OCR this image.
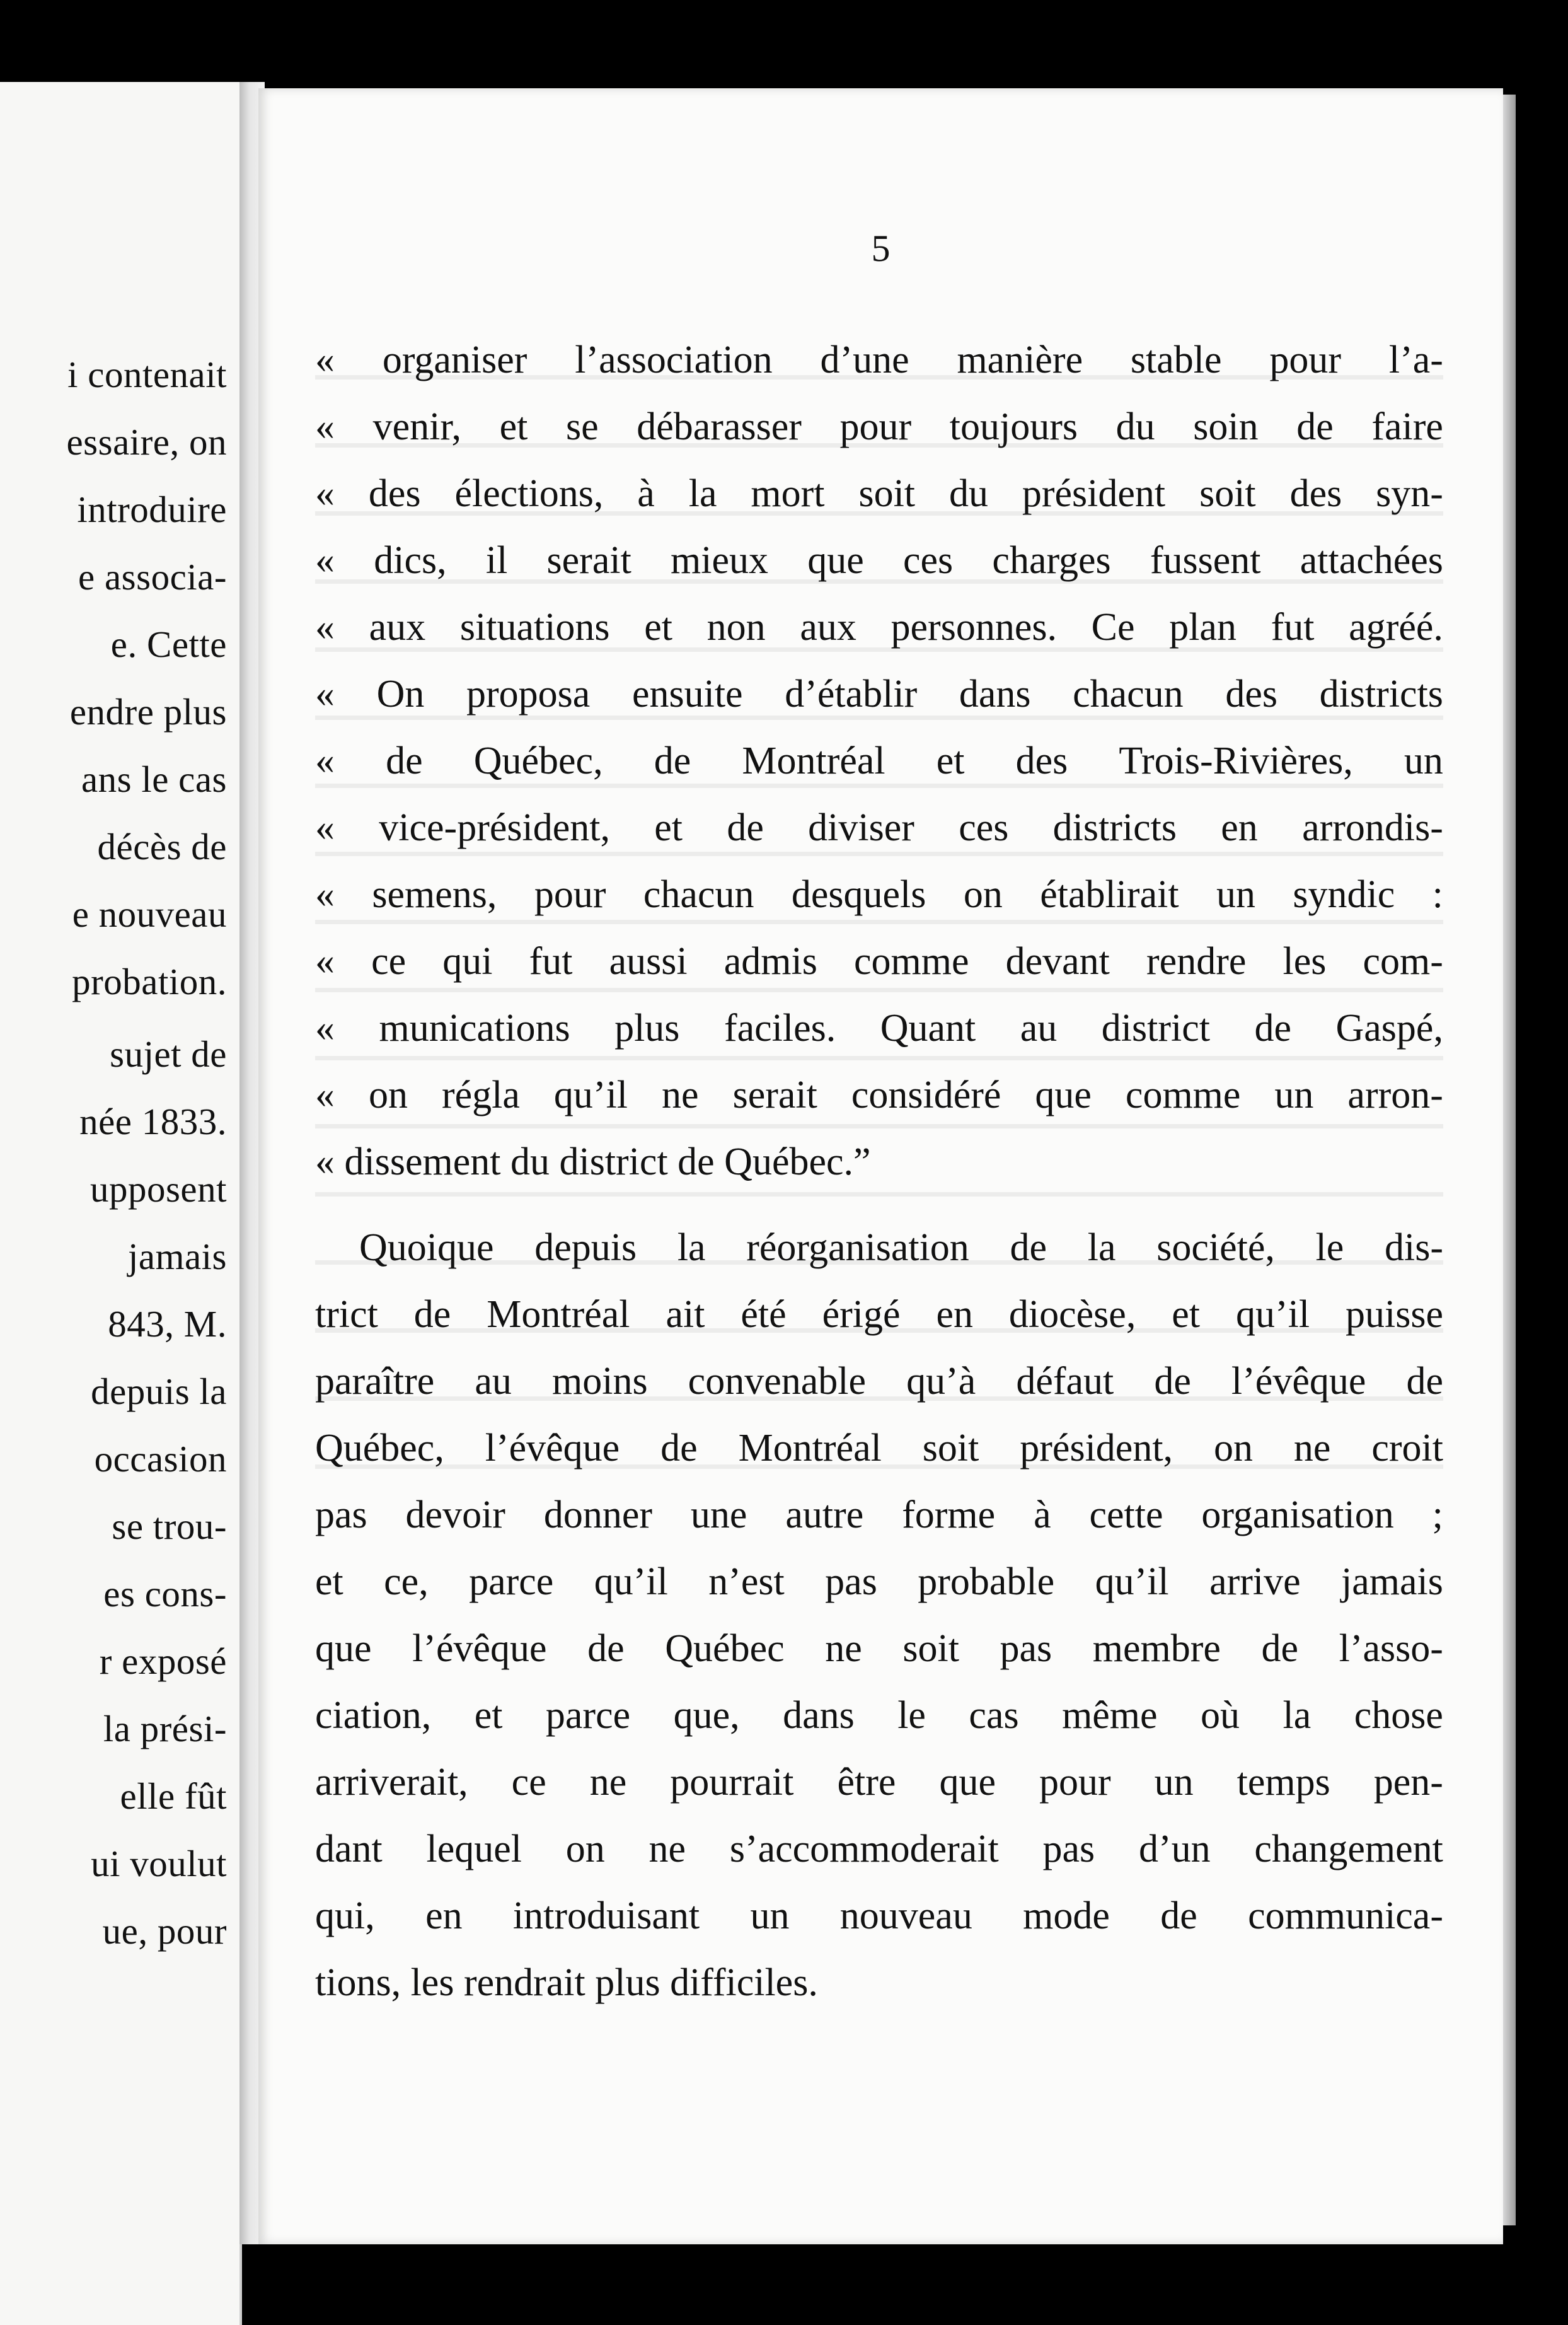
i contenait
essaire, on
introduire
e associa-
e. Cette
endre plus
ans le cas
décès de
e nouveau
probation.
sujet de
née 1833.
upposent
jamais
843, M.
depuis la
occasion
se trou-
es cons-
r exposé
la prési-
elle fût
ui voulut
ue, pour
5
« organiser l’association d’une manière stable pour l’a-
« venir, et se débarasser pour toujours du soin de faire
« des élections, à la mort soit du président soit des syn-
« dics, il serait mieux que ces charges fussent attachées
« aux situations et non aux personnes. Ce plan fut agréé.
« On proposa ensuite d’établir dans chacun des districts
« de Québec, de Montréal et des Trois-Rivières, un
« vice-président, et de diviser ces districts en arrondis-
« semens, pour chacun desquels on établirait un syndic :
« ce qui fut aussi admis comme devant rendre les com-
« munications plus faciles. Quant au district de Gaspé,
« on régla qu’il ne serait considéré que comme un arron-
« dissement du district de Québec.”
Quoique depuis la réorganisation de la société, le dis-
trict de Montréal ait été érigé en diocèse, et qu’il puisse
paraître au moins convenable qu’à défaut de l’évêque de
Québec, l’évêque de Montréal soit président, on ne croit
pas devoir donner une autre forme à cette organisation ;
et ce, parce qu’il n’est pas probable qu’il arrive jamais
que l’évêque de Québec ne soit pas membre de l’asso-
ciation, et parce que, dans le cas même où la chose
arriverait, ce ne pourrait être que pour un temps pen-
dant lequel on ne s’accommoderait pas d’un changement
qui, en introduisant un nouveau mode de communica-
tions, les rendrait plus difficiles.
